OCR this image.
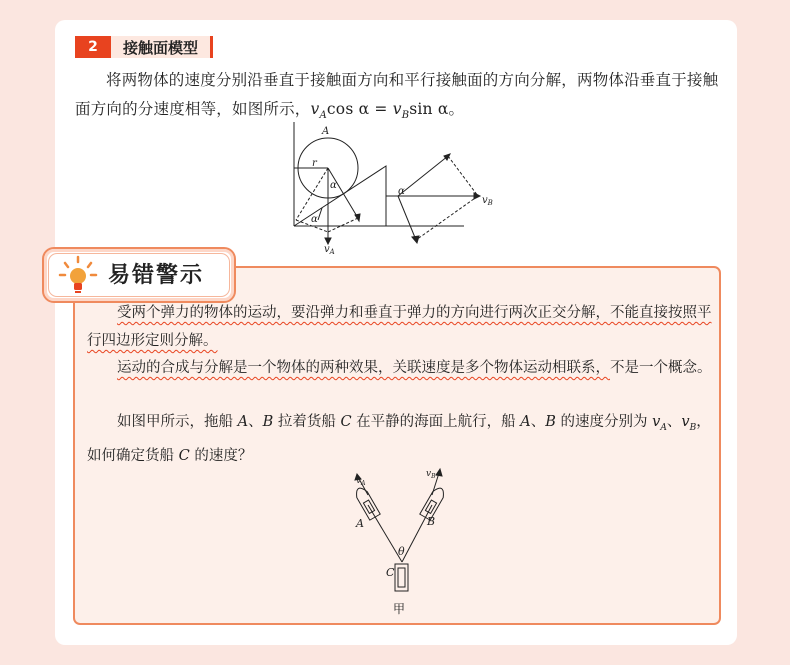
2	接触面模型
将两物体的速度分别沿垂直于接触面方向和平行接触面的方向分解，两物体沿垂直于接触面方向的分速度相等，如图所示，$v_A\cos$ $\alpha = v_B\sin$ α。
A
r
α
α
α
$v_A$
$v_B$
易错警示
受两个弹力的物体的运动，要沿弹力和垂直于弹力的方向进行两次正交分解，不能直接按照平行四边形定则分解。
运动的合成与分解是一个物体的两种效果，关联速度是多个物体运动相联系，不是一个概念。
如图甲所示，拖船 A、B 拉着货船 C 在平静的海面上航行，船 A、B 的速度分别为 $v_A$、$v_B$，如何确定货船 C 的速度？
A	B
C
θ
$v_A$
$v_B$
甲
